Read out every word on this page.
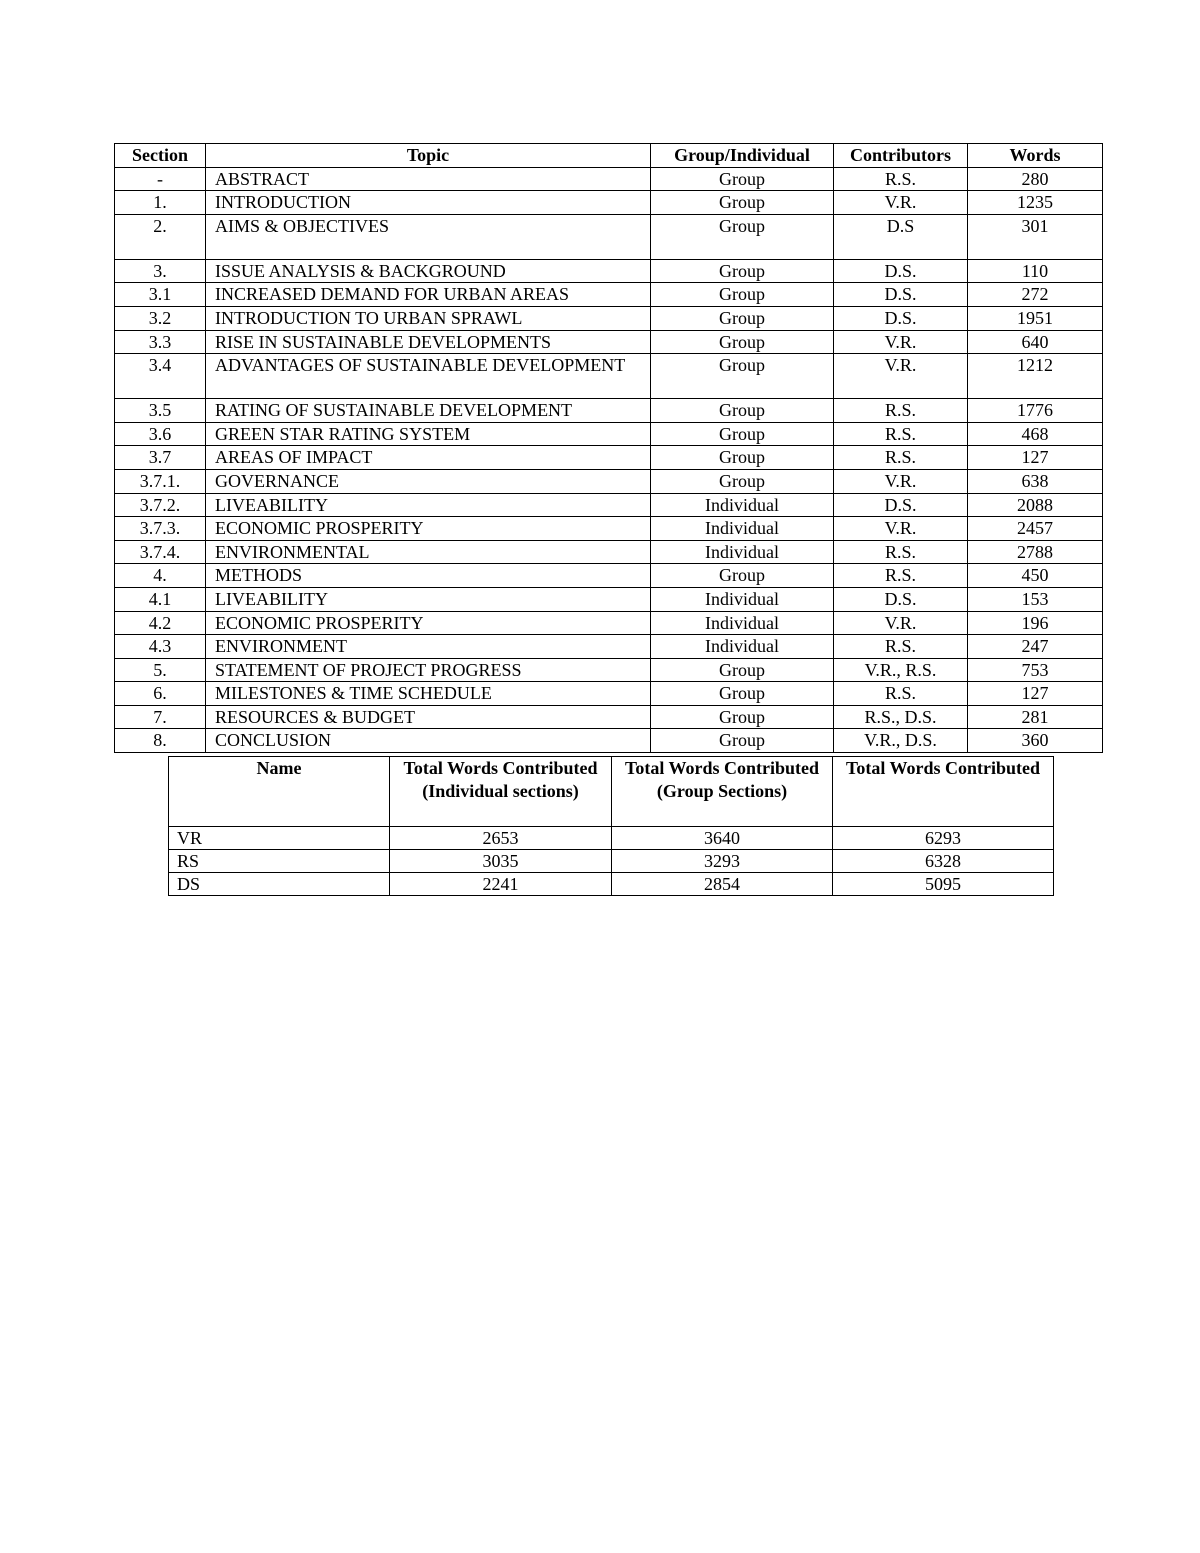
Section	Topic	Group/Individual	Contributors	Words
-	ABSTRACT	Group	R.S.	280
1.	INTRODUCTION	Group	V.R.	1235
2.	AIMS & OBJECTIVES	Group	D.S	301
3.	ISSUE ANALYSIS & BACKGROUND	Group	D.S.	110
3.1	INCREASED DEMAND FOR URBAN AREAS	Group	D.S.	272
3.2	INTRODUCTION TO URBAN SPRAWL	Group	D.S.	1951
3.3	RISE IN SUSTAINABLE DEVELOPMENTS	Group	V.R.	640
3.4	ADVANTAGES OF SUSTAINABLE DEVELOPMENT	Group	V.R.	1212
3.5	RATING OF SUSTAINABLE DEVELOPMENT	Group	R.S.	1776
3.6	GREEN STAR RATING SYSTEM	Group	R.S.	468
3.7	AREAS OF IMPACT	Group	R.S.	127
3.7.1.	GOVERNANCE	Group	V.R.	638
3.7.2.	LIVEABILITY	Individual	D.S.	2088
3.7.3.	ECONOMIC PROSPERITY	Individual	V.R.	2457
3.7.4.	ENVIRONMENTAL	Individual	R.S.	2788
4.	METHODS	Group	R.S.	450
4.1	LIVEABILITY	Individual	D.S.	153
4.2	ECONOMIC PROSPERITY	Individual	V.R.	196
4.3	ENVIRONMENT	Individual	R.S.	247
5.	STATEMENT OF PROJECT PROGRESS	Group	V.R., R.S.	753
6.	MILESTONES & TIME SCHEDULE	Group	R.S.	127
7.	RESOURCES & BUDGET	Group	R.S., D.S.	281
8.	CONCLUSION	Group	V.R., D.S.	360
Name	Total Words Contributed (Individual sections)	Total Words Contributed (Group Sections)	Total Words Contributed
VR	2653	3640	6293
RS	3035	3293	6328
DS	2241	2854	5095
